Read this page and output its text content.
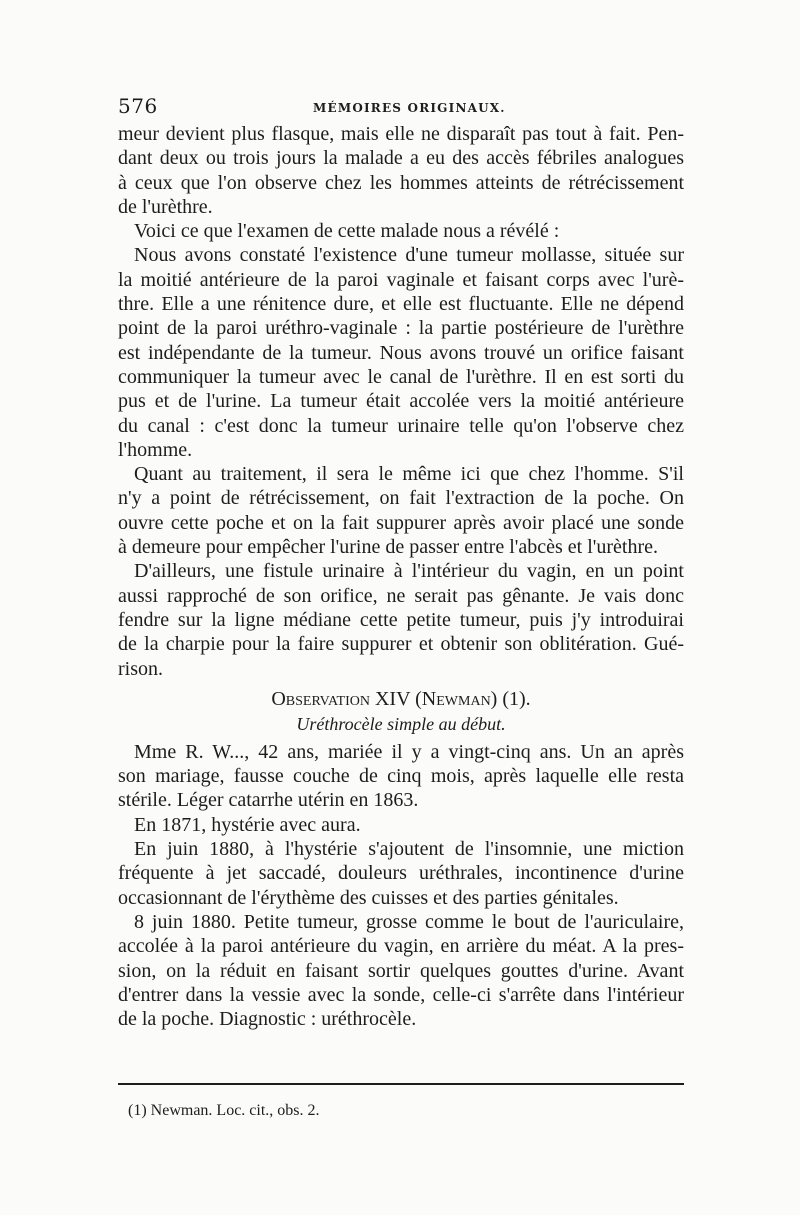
576	MÉMOIRES ORIGINAUX.
meur devient plus flasque, mais elle ne disparaît pas tout à fait. Pen-
dant deux ou trois jours la malade a eu des accès fébriles analogues
à ceux que l'on observe chez les hommes atteints de rétrécissement
de l'urèthre.
Voici ce que l'examen de cette malade nous a révélé :
Nous avons constaté l'existence d'une tumeur mollasse, située sur
la moitié antérieure de la paroi vaginale et faisant corps avec l'urè-
thre. Elle a une rénitence dure, et elle est fluctuante. Elle ne dépend
point de la paroi uréthro-vaginale : la partie postérieure de l'urèthre
est indépendante de la tumeur. Nous avons trouvé un orifice faisant
communiquer la tumeur avec le canal de l'urèthre. Il en est sorti du
pus et de l'urine. La tumeur était accolée vers la moitié antérieure
du canal : c'est donc la tumeur urinaire telle qu'on l'observe chez
l'homme.
Quant au traitement, il sera le même ici que chez l'homme. S'il
n'y a point de rétrécissement, on fait l'extraction de la poche. On
ouvre cette poche et on la fait suppurer après avoir placé une sonde
à demeure pour empêcher l'urine de passer entre l'abcès et l'urèthre.
D'ailleurs, une fistule urinaire à l'intérieur du vagin, en un point
aussi rapproché de son orifice, ne serait pas gênante. Je vais donc
fendre sur la ligne médiane cette petite tumeur, puis j'y introduirai
de la charpie pour la faire suppurer et obtenir son oblitération. Gué-
rison.
Observation XIV (Newman) (1).
Uréthrocèle simple au début.
Mme R. W..., 42 ans, mariée il y a vingt-cinq ans. Un an après
son mariage, fausse couche de cinq mois, après laquelle elle resta
stérile. Léger catarrhe utérin en 1863.
En 1871, hystérie avec aura.
En juin 1880, à l'hystérie s'ajoutent de l'insomnie, une miction
fréquente à jet saccadé, douleurs uréthrales, incontinence d'urine
occasionnant de l'érythème des cuisses et des parties génitales.
8 juin 1880. Petite tumeur, grosse comme le bout de l'auriculaire,
accolée à la paroi antérieure du vagin, en arrière du méat. A la pres-
sion, on la réduit en faisant sortir quelques gouttes d'urine. Avant
d'entrer dans la vessie avec la sonde, celle-ci s'arrête dans l'intérieur
de la poche. Diagnostic : uréthrocèle.
(1) Newman. Loc. cit., obs. 2.
